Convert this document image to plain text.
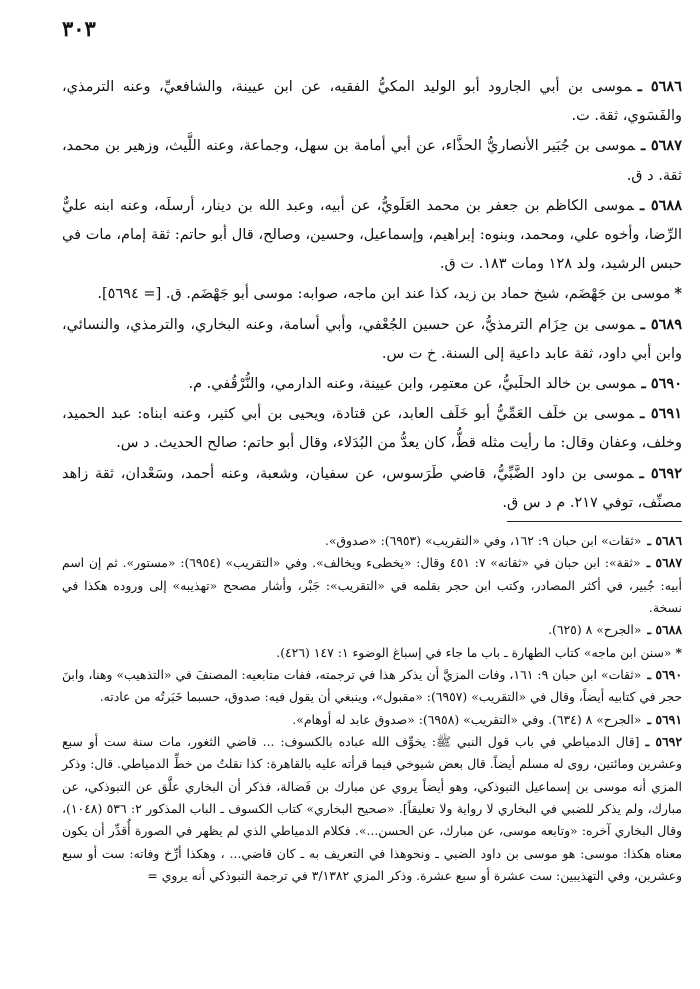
٣٠٣

٥٦٨٦ ـموسى بن أبي الجارود أبو الوليد المكيُّ الفقيه، عن ابن عيينة، والشافعيِّ، وعنه الترمذي، والفَسَوي، ثقة. ت.

٥٦٨٧ ـموسى بن جُبَير الأنصاريُّ الحذَّاء، عن أبي أمامة بن سهل، وجماعة، وعنه اللَّيث، وزهير بن محمد، ثقة. د ق.

٥٦٨٨ ـموسى الكاظم بن جعفر بن محمد العَلَويُّ، عن أبيه، وعبد الله بن دينار، أرسلَه، وعنه ابنه عليٌّ الرِّضا، وأخوه علي، ومحمد، وبنوه: إبراهيم، وإسماعيل، وحسين، وصالح، قال أبو حاتم: ثقة إمام، مات في حبس الرشيد، ولد ١٢٨ ومات ١٨٣. ت ق.

*موسى بن جَهْضَم، شيخ حماد بن زيد، كذا عند ابن ماجه، صوابه: موسى أبو جَهْضَم. ق. [= ٥٦٩٤].

٥٦٨٩ ـموسى بن حِزَام الترمذيُّ، عن حسين الجُعْفي، وأبي أسامة، وعنه البخاري، والترمذي، والنسائي، وابن أبي داود، ثقة عابد داعية إلى السنة. خ ت س.

٥٦٩٠ ـموسى بن خالد الحلَبيُّ، عن معتمِر، وابن عيينة، وعنه الدارمي، والنُّرْقُفي. م.

٥٦٩١ ـموسى بن خلَف العَمِّيُّ أبو خَلَف العابد، عن قتادة، ويحيى بن أبي كثير، وعنه ابناه: عبد الحميد، وخلف، وعفان وقال: ما رأيت مثله قطُّ، كان يعدُّ من البُدَلاء، وقال أبو حاتم: صالح الحديث. د س.

٥٦٩٢ ـموسى بن داود الضَّبِّيُّ، قاضي طَرَسوس، عن سفيان، وشعبة، وعنه أحمد، وسَعْدان، ثقة زاهد مصنِّف، توفي ٢١٧. م د س ق.

٥٦٨٦ ـ«ثقات» ابن حبان ٩: ١٦٢، وفي «التقريب» (٦٩٥٣): «صدوق».

٥٦٨٧ ـ«ثقة»: ابن حبان في «ثقاته» ٧: ٤٥١ وقال: «يخطىء ويخالف». وفي «التقريب» (٦٩٥٤): «مستور». ثم إن اسم أبيه: جُبير، في أكثر المصادر، وكتب ابن حجر بقلمه في «التقريب»: جَبْر، وأشار مصحح «تهذيبه» إلى وروده هكذا في نسخة.

٥٦٨٨ ـ«الجرح» ٨ (٦٢٥).

*«سنن ابن ماجه» كتاب الطهارة ـ باب ما جاء في إسباغ الوضوء ١: ١٤٧ (٤٢٦).

٥٦٩٠ ـ«ثقات» ابن حبان ٩: ١٦١، وفات المزيَّ أن يذكر هذا في ترجمته، ففات متابعيه: المصنفَ في «التذهيب» وهنا، وابنَ حجر في كتابيه أيضاً، وقال في «التقريب» (٦٩٥٧): «مقبول»، وينبغي أن يقول فيه: صدوق، حسبما خَبَرتُه من عادته.

٥٦٩١ ـ«الجرح» ٨ (٦٣٤). وفي «التقريب» (٦٩٥٨): «صدوق عابد له أوهام».

٥٦٩٢ ـ[قال الدمياطي في باب قول النبي ﷺ: يخوِّف الله عباده بالكسوف: ... قاضي الثغور، مات سنة ست أو سبع وعشرين ومائتين، روى له مسلم أيضاً. قال بعض شيوخي فيما قرأته عليه بالقاهرة: كذا نقلتُ من خطِّ الدمياطي. قال: وذكر المزي أنه موسى بن إسماعيل التبوذكي، وهو أيضاً يروي عن مبارك بن فَضالة، فذكر أن البخاري علَّق عن التبوذكي، عن مبارك، ولم يذكر للضبي في البخاري لا رواية ولا تعليقاً]. «صحيح البخاري» كتاب الكسوف ـ الباب المذكور ٢: ٥٣٦ (١٠٤٨)، وقال البخاري آخره: «وتابعه موسى، عن مبارك، عن الحسن...». فكلام الدمياطي الذي لم يظهر في الصورة أُقدِّر أن يكون معناه هكذا: موسى: هو موسى بن داود الضبي ـ ونحوهذا في التعريف به ـ كان قاضي... ، وهكذا أرِّخ وفاته: ست أو سبع وعشرين، وفي التهذيبين: ست عشرة أو سبع عشرة. وذكر المزي ٣/١٣٨٢ في ترجمة التبوذكي أنه يروي =
